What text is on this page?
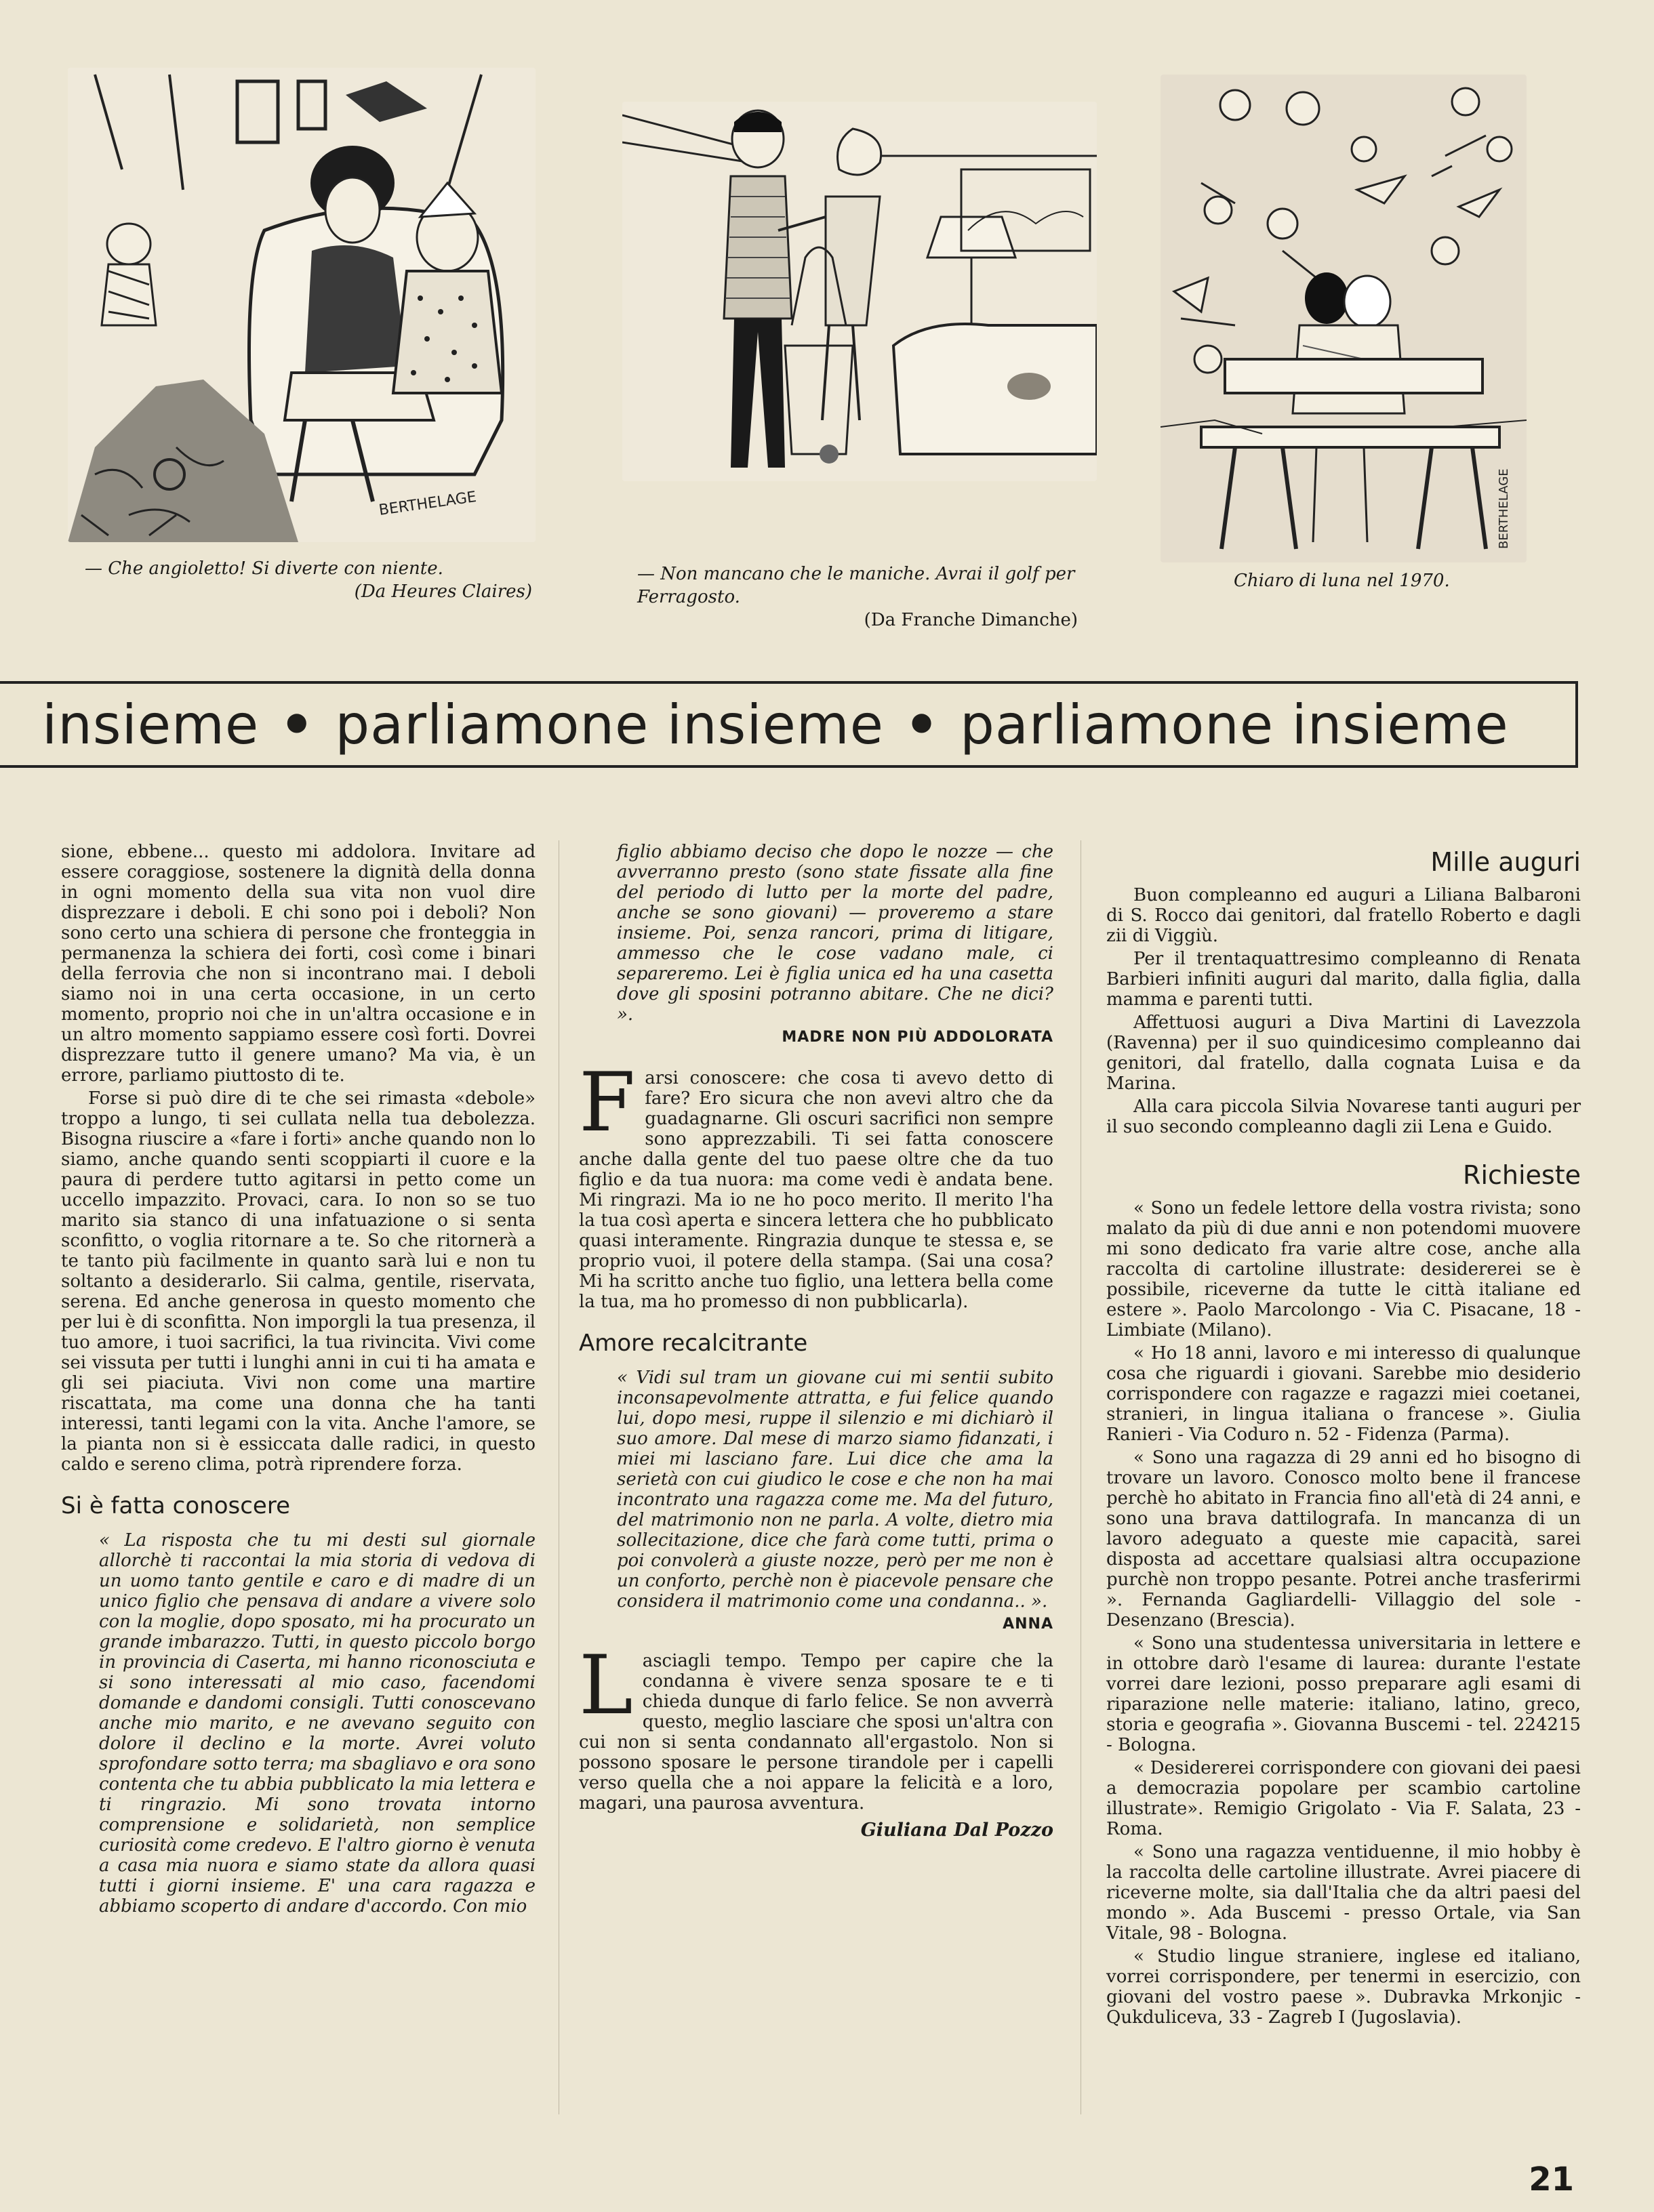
BERTHELAGE
— Che angioletto! Si diverte con niente.
(Da Heures Claires)
— Non mancano che le maniche. Avrai il golf per Ferragosto.
(Da Franche Dimanche)
BERTHELAGE
Chiaro di luna nel 1970.
insieme • parliamone insieme • parliamone insieme

sione, ebbene... questo mi addolora. Invitare ad essere coraggiose, sostenere la dignità della donna in ogni momento della sua vita non vuol dire disprezzare i deboli. E chi sono poi i deboli? Non sono certo una schiera di persone che fronteggia in permanenza la schiera dei forti, così come i binari della ferrovia che non si incontrano mai. I deboli siamo noi in una certa occasione, in un certo momento, proprio noi che in un'altra occasione e in un altro momento sappiamo essere così forti. Dovrei disprezzare tutto il genere umano? Ma via, è un errore, parliamo piuttosto di te.

Forse si può dire di te che sei rimasta «debole» troppo a lungo, ti sei cullata nella tua debolezza. Bisogna riuscire a «fare i forti» anche quando non lo siamo, anche quando senti scoppiarti il cuore e la paura di perdere tutto agitarsi in petto come un uccello impazzito. Provaci, cara. Io non so se tuo marito sia stanco di una infatuazione o si senta sconfitto, o voglia ritornare a te. So che ritornerà a te tanto più facilmente in quanto sarà lui e non tu soltanto a desiderarlo. Sii calma, gentile, riservata, serena. Ed anche generosa in questo momento che per lui è di sconfitta. Non imporgli la tua presenza, il tuo amore, i tuoi sacrifici, la tua rivincita. Vivi come sei vissuta per tutti i lunghi anni in cui ti ha amata e gli sei piaciuta. Vivi non come una martire riscattata, ma come una donna che ha tanti interessi, tanti legami con la vita. Anche l'amore, se la pianta non si è essiccata dalle radici, in questo caldo e sereno clima, potrà riprendere forza.

Si è fatta conoscere

« La risposta che tu mi desti sul giornale allorchè ti raccontai la mia storia di vedova di un uomo tanto gentile e caro e di madre di un unico figlio che pensava di andare a vivere solo con la moglie, dopo sposato, mi ha procurato un grande imbarazzo. Tutti, in questo piccolo borgo in provincia di Caserta, mi hanno riconosciuta e si sono interessati al mio caso, facendomi domande e dandomi consigli. Tutti conoscevano anche mio marito, e ne avevano seguito con dolore il declino e la morte. Avrei voluto sprofondare sotto terra; ma sbagliavo e ora sono contenta che tu abbia pubblicato la mia lettera e ti ringrazio. Mi sono trovata intorno comprensione e solidarietà, non semplice curiosità come credevo. E l'altro giorno è venuta a casa mia nuora e siamo state da allora quasi tutti i giorni insieme. E' una cara ragazza e abbiamo scoperto di andare d'accordo. Con mio

figlio abbiamo deciso che dopo le nozze — che avverranno presto (sono state fissate alla fine del periodo di lutto per la morte del padre, anche se sono giovani) — proveremo a stare insieme. Poi, senza rancori, prima di litigare, ammesso che le cose vadano male, ci separeremo. Lei è figlia unica ed ha una casetta dove gli sposini potranno abitare. Che ne dici? ».

MADRE NON PIÙ ADDOLORATA

Farsi conoscere: che cosa ti avevo detto di fare? Ero sicura che non avevi altro che da guadagnarne. Gli oscuri sacrifici non sempre sono apprezzabili. Ti sei fatta conoscere anche dalla gente del tuo paese oltre che da tuo figlio e da tua nuora: ma come vedi è andata bene. Mi ringrazi. Ma io ne ho poco merito. Il merito l'ha la tua così aperta e sincera lettera che ho pubblicato quasi interamente. Ringrazia dunque te stessa e, se proprio vuoi, il potere della stampa. (Sai una cosa? Mi ha scritto anche tuo figlio, una lettera bella come la tua, ma ho promesso di non pubblicarla).

Amore recalcitrante

« Vidi sul tram un giovane cui mi sentii subito inconsapevolmente attratta, e fui felice quando lui, dopo mesi, ruppe il silenzio e mi dichiarò il suo amore. Dal mese di marzo siamo fidanzati, i miei mi lasciano fare. Lui dice che ama la serietà con cui giudico le cose e che non ha mai incontrato una ragazza come me. Ma del futuro, del matrimonio non ne parla. A volte, dietro mia sollecitazione, dice che farà come tutti, prima o poi convolerà a giuste nozze, però per me non è un conforto, perchè non è piacevole pensare che considera il matrimonio come una condanna.. ».

ANNA

Lasciagli tempo. Tempo per capire che la condanna è vivere senza sposare te e ti chieda dunque di farlo felice. Se non avverrà questo, meglio lasciare che sposi un'altra con cui non si senta condannato all'ergastolo. Non si possono sposare le persone tirandole per i capelli verso quella che a noi appare la felicità e a loro, magari, una paurosa avventura.

Giuliana Dal Pozzo
Mille auguri

Buon compleanno ed auguri a Liliana Balbaroni di S. Rocco dai genitori, dal fratello Roberto e dagli zii di Viggiù.

Per il trentaquattresimo compleanno di Renata Barbieri infiniti auguri dal marito, dalla figlia, dalla mamma e parenti tutti.

Affettuosi auguri a Diva Martini di Lavezzola (Ravenna) per il suo quindicesimo compleanno dai genitori, dal fratello, dalla cognata Luisa e da Marina.

Alla cara piccola Silvia Novarese tanti auguri per il suo secondo compleanno dagli zii Lena e Guido.

Richieste

« Sono un fedele lettore della vostra rivista; sono malato da più di due anni e non potendomi muovere mi sono dedicato fra varie altre cose, anche alla raccolta di cartoline illustrate: desidererei se è possibile, riceverne da tutte le città italiane ed estere ». Paolo Marcolongo - Via C. Pisacane, 18 - Limbiate (Milano).

« Ho 18 anni, lavoro e mi interesso di qualunque cosa che riguardi i giovani. Sarebbe mio desiderio corrispondere con ragazze e ragazzi miei coetanei, stranieri, in lingua italiana o francese ». Giulia Ranieri - Via Coduro n. 52 - Fidenza (Parma).

« Sono una ragazza di 29 anni ed ho bisogno di trovare un lavoro. Conosco molto bene il francese perchè ho abitato in Francia fino all'età di 24 anni, e sono una brava dattilografa. In mancanza di un lavoro adeguato a queste mie capacità, sarei disposta ad accettare qualsiasi altra occupazione purchè non troppo pesante. Potrei anche trasferirmi ». Fernanda Gagliardelli- Villaggio del sole - Desenzano (Brescia).

« Sono una studentessa universitaria in lettere e in ottobre darò l'esame di laurea: durante l'estate vorrei dare lezioni, posso preparare agli esami di riparazione nelle materie: italiano, latino, greco, storia e geografia ». Giovanna Buscemi - tel. 224215 - Bologna.

« Desidererei corrispondere con giovani dei paesi a democrazia popolare per scambio cartoline illustrate». Remigio Grigolato - Via F. Salata, 23 - Roma.

« Sono una ragazza ventiduenne, il mio hobby è la raccolta delle cartoline illustrate. Avrei piacere di riceverne molte, sia dall'Italia che da altri paesi del mondo ». Ada Buscemi - presso Ortale, via San Vitale, 98 - Bologna.

« Studio lingue straniere, inglese ed italiano, vorrei corrispondere, per tenermi in esercizio, con giovani del vostro paese ». Dubravka Mrkonjic - Qukduliceva, 33 - Zagreb I (Jugoslavia).

21
